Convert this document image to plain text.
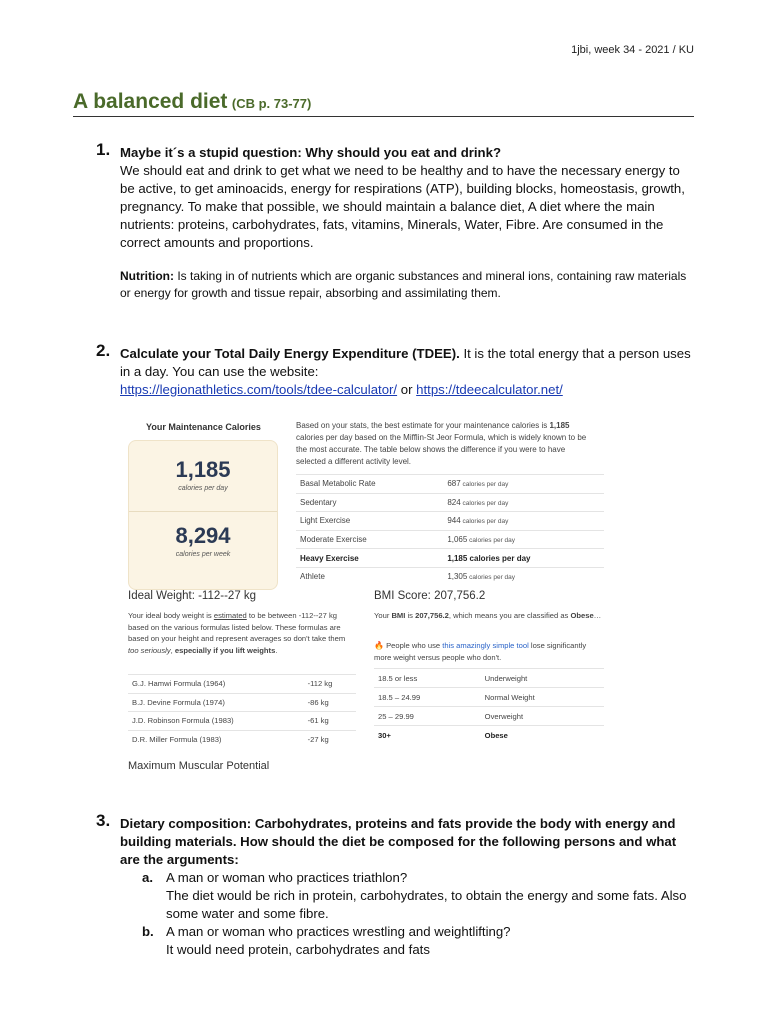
1jbi, week 34 - 2021 / KU
A balanced diet (CB p. 73-77)
1. Maybe it´s a stupid question: Why should you eat and drink?
We should eat and drink to get what we need to be healthy and to have the necessary energy to be active, to get aminoacids, energy for respirations (ATP), building blocks, homeostasis, growth, pregnancy. To make that possible, we should maintain a balance diet, A diet where the main nutrients: proteins, carbohydrates, fats, vitamins, Minerals, Water, Fibre. Are consumed in the correct amounts and proportions.
Nutrition: Is taking in of nutrients which are organic substances and mineral ions, containing raw materials or energy for growth and tissue repair, absorbing and assimilating them.
2. Calculate your Total Daily Energy Expenditure (TDEE). It is the total energy that a person uses in a day. You can use the website:
https://legionathletics.com/tools/tdee-calculator/ or https://tdeecalculator.net/
Your Maintenance Calories
1,185
calories per day
8,294
calories per week
Based on your stats, the best estimate for your maintenance calories is 1,185 calories per day based on the Mifflin-St Jeor Formula, which is widely known to be the most accurate. The table below shows the difference if you were to have selected a different activity level.
Basal Metabolic Rate	687 calories per day
Sedentary	824 calories per day
Light Exercise	944 calories per day
Moderate Exercise	1,065 calories per day
Heavy Exercise	1,185 calories per day
Athlete	1,305 calories per day
Ideal Weight: -112--27 kg
Your ideal body weight is estimated to be between -112--27 kg based on the various formulas listed below. These formulas are based on your height and represent averages so don't take them too seriously, especially if you lift weights.
G.J. Hamwi Formula (1964)	-112 kg
B.J. Devine Formula (1974)	-86 kg
J.D. Robinson Formula (1983)	-61 kg
D.R. Miller Formula (1983)	-27 kg
BMI Score: 207,756.2
Your BMI is 207,756.2, which means you are classified as Obese…
🔥 People who use this amazingly simple tool lose significantly more weight versus people who don't.
18.5 or less	Underweight
18.5 – 24.99	Normal Weight
25 – 29.99	Overweight
30+	Obese
Maximum Muscular Potential
3. Dietary composition: Carbohydrates, proteins and fats provide the body with energy and building materials. How should the diet be composed for the following persons and what are the arguments:
a. A man or woman who practices triathlon?
The diet would be rich in protein, carbohydrates, to obtain the energy and some fats. Also some water and some fibre.
b. A man or woman who practices wrestling and weightlifting?
It would need protein, carbohydrates and fats
